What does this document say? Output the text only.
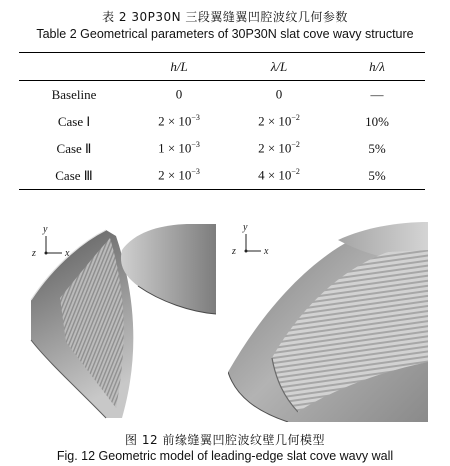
表 2 30P30N 三段翼缝翼凹腔波纹几何参数
Table 2 Geometrical parameters of 30P30N slat cove wavy structure
	h/L	λ/L	h/λ
Baseline	0	0	—
Case Ⅰ	$2 \times 10^{-3}$	$2 \times 10^{-2}$	10%
Case Ⅱ	$1 \times 10^{-3}$	$2 \times 10^{-2}$	5%
Case Ⅲ	$2 \times 10^{-3}$	$4 \times 10^{-2}$	5%
y
z	x
y
z	x
图 12 前缘缝翼凹腔波纹壁几何模型
Fig. 12 Geometric model of leading-edge slat cove wavy wall
